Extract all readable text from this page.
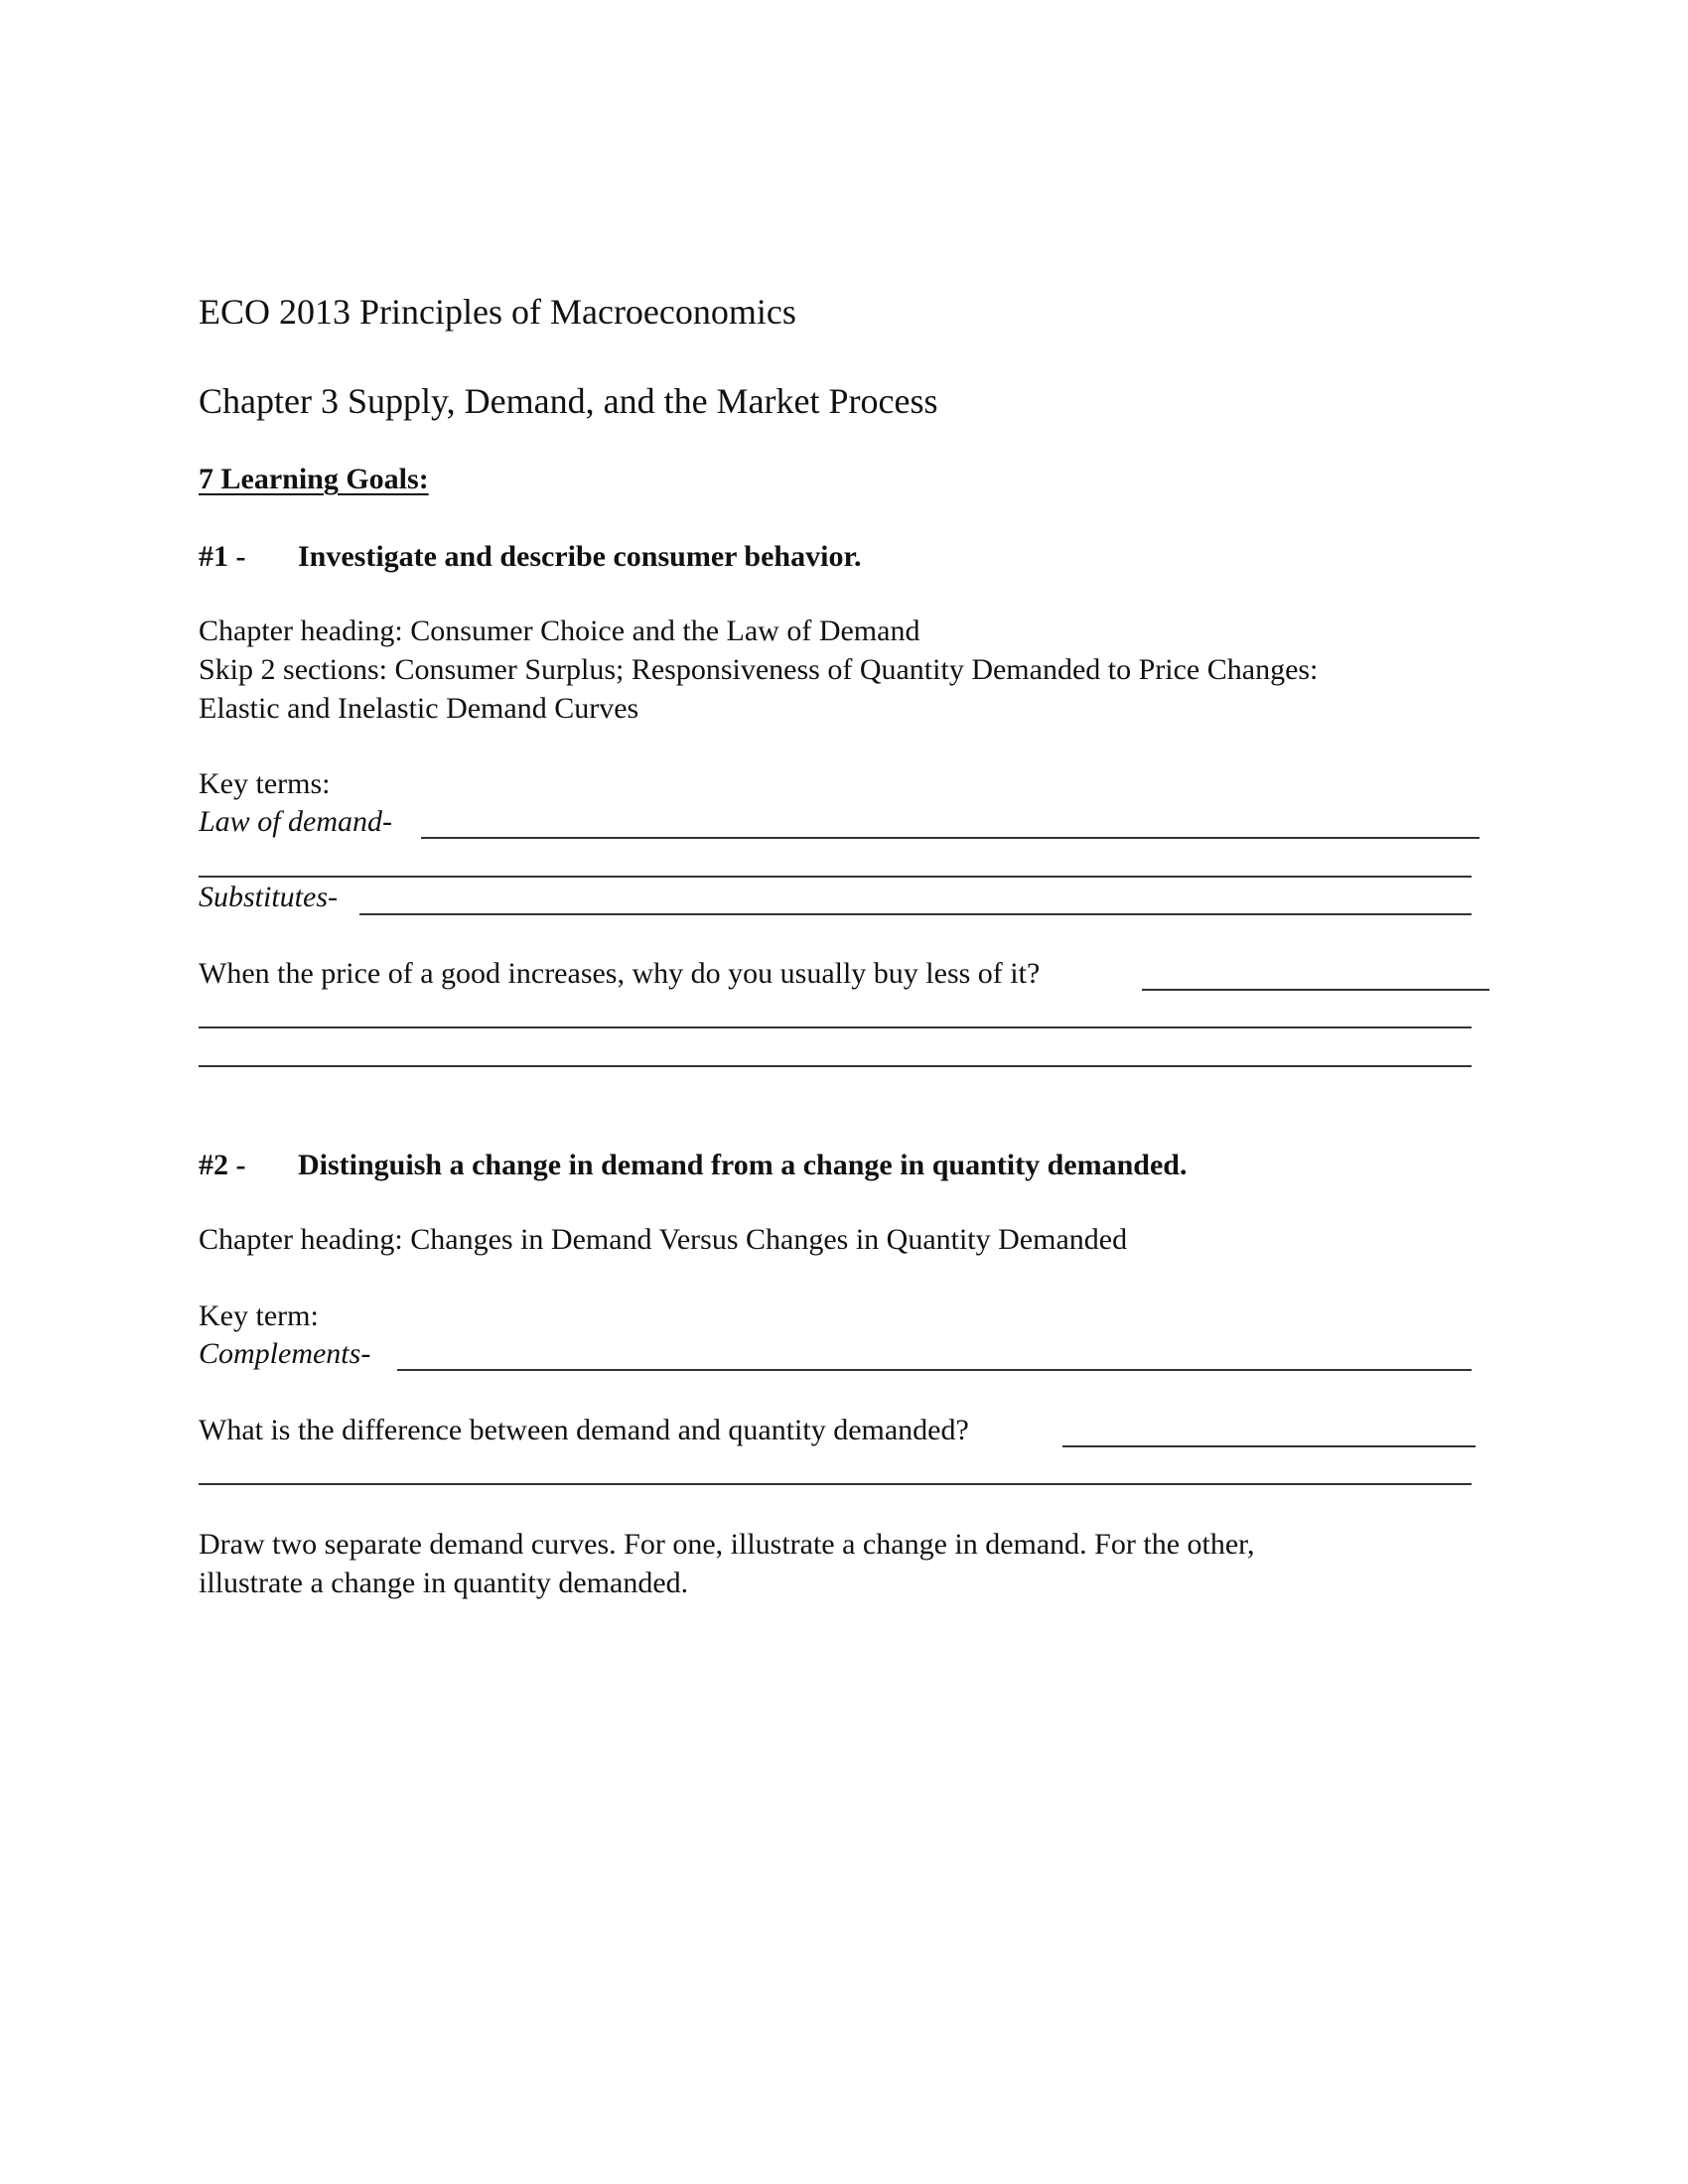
ECO 2013 Principles of Macroeconomics
Chapter 3 Supply, Demand, and the Market Process
7 Learning Goals:
#1 - Investigate and describe consumer behavior.
Chapter heading: Consumer Choice and the Law of Demand
Skip 2 sections: Consumer Surplus; Responsiveness of Quantity Demanded to Price Changes:
Elastic and Inelastic Demand Curves
Key terms:
Law of demand-
Substitutes-
When the price of a good increases, why do you usually buy less of it?
#2 - Distinguish a change in demand from a change in quantity demanded.
Chapter heading: Changes in Demand Versus Changes in Quantity Demanded
Key term:
Complements-
What is the difference between demand and quantity demanded?
Draw two separate demand curves. For one, illustrate a change in demand. For the other,
illustrate a change in quantity demanded.
